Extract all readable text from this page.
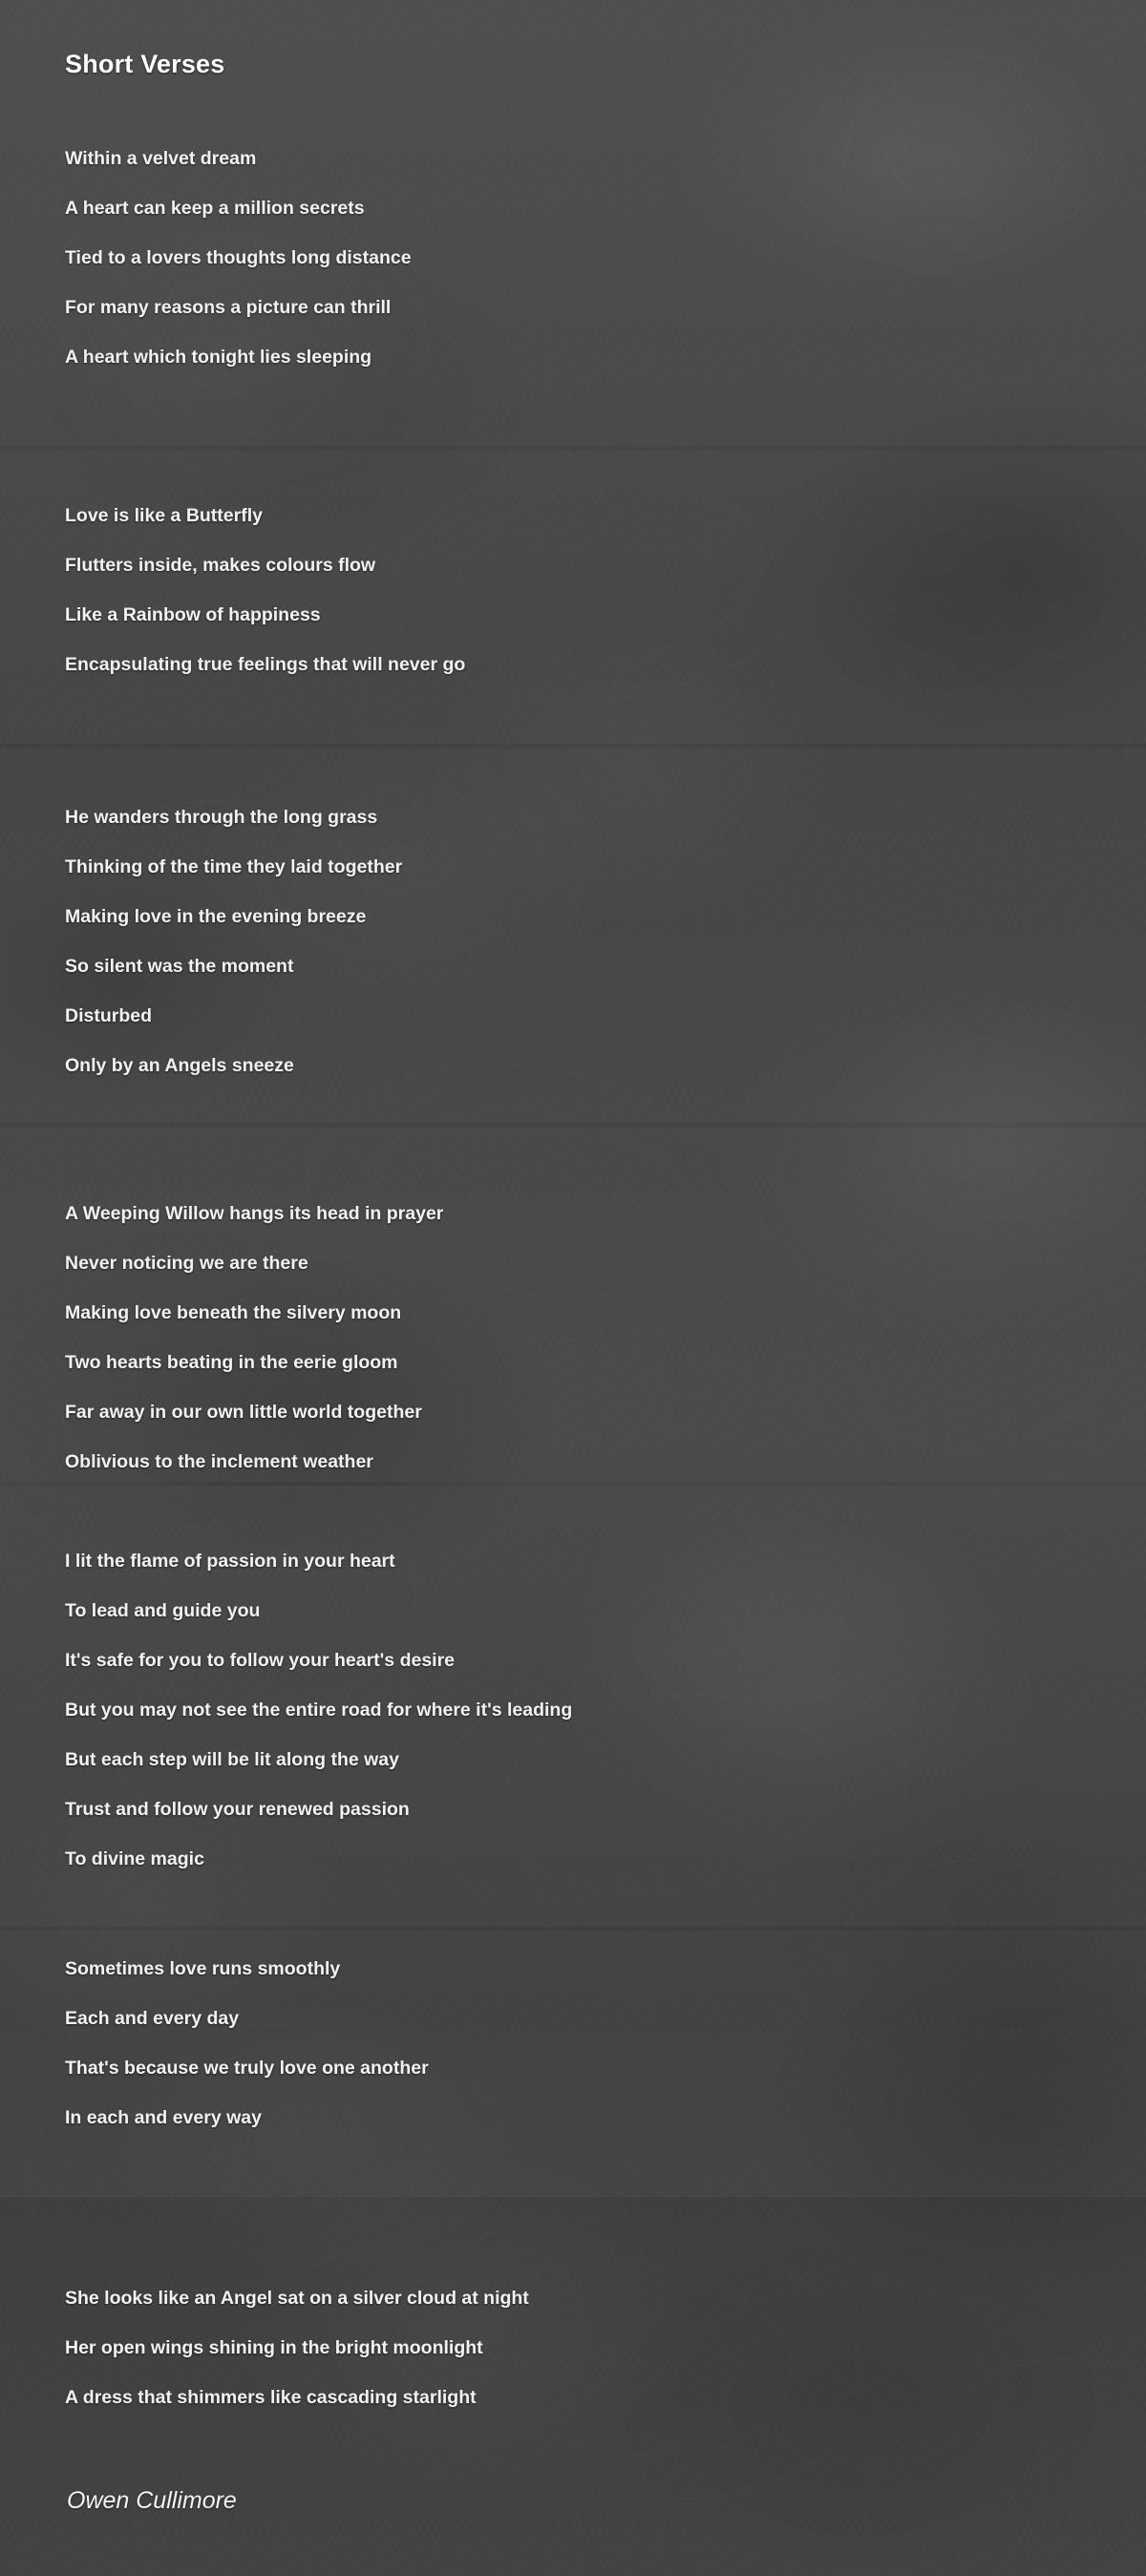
Short Verses
Within a velvet dream
A heart can keep a million secrets
Tied to a lovers thoughts long distance
For many reasons a picture can thrill
A heart which tonight lies sleeping
Love is like a Butterfly
Flutters inside, makes colours flow
Like a Rainbow of happiness
Encapsulating true feelings that will never go
He wanders through the long grass
Thinking of the time they laid together
Making love in the evening breeze
So silent was the moment
Disturbed
Only by an Angels sneeze
A Weeping Willow hangs its head in prayer
Never noticing we are there
Making love beneath the silvery moon
Two hearts beating in the eerie gloom
Far away in our own little world together
Oblivious to the inclement weather
I lit the flame of passion in your heart
To lead and guide you
It's safe for you to follow your heart's desire
But you may not see the entire road for where it's leading
But each step will be lit along the way
Trust and follow your renewed passion
To divine magic
Sometimes love runs smoothly
Each and every day
That's because we truly love one another
In each and every way
She looks like an Angel sat on a silver cloud at night
Her open wings shining in the bright moonlight
A dress that shimmers like cascading starlight
Owen Cullimore
